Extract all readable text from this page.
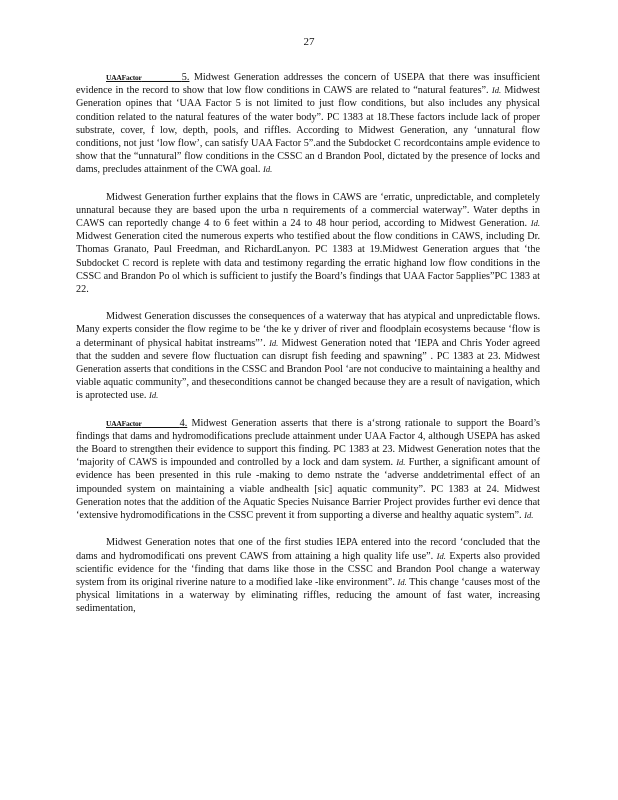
27

UAAFactor	5. Midwest Generation addresses the concern of USEPA that there was insufficient evidence in the record to show that low flow conditions in CAWS are related to “natural features”. Id. Midwest Generation opines that ‘UAA Factor 5 is not limited to just flow conditions, but also includes any physical condition related to the natural features of the water body”. PC 1383 at 18.These factors include lack of proper substrate, cover, f low, depth, pools, and riffles. According to Midwest Generation, any ‘unnatural flow conditions, not just ‘low flow’, can satisfy UAA Factor 5”.and the Subdocket C recordcontains ample evidence to show that the “unnatural” flow conditions in the CSSC an d Brandon Pool, dictated by the presence of locks and dams, precludes attainment of the CWA goal. Id.

Midwest Generation further explains that the flows in CAWS are ‘erratic, unpredictable, and completely unnatural because they are based upon the urba n requirements of a commercial waterway”. Water depths in CAWS can reportedly change 4 to 6 feet within a 24 to 48 hour period, according to Midwest Generation. Id. Midwest Generation cited the numerous experts who testified about the flow conditions in CAWS, including Dr. Thomas Granato, Paul Freedman, and RichardLanyon. PC 1383 at 19.Midwest Generation argues that ‘the Subdocket C record is replete with data and testimony regarding the erratic highand low flow conditions in the CSSC and Brandon Po ol which is sufficient to justify the Board’s findings that UAA Factor 5applies”PC 1383 at 22.

Midwest Generation discusses the consequences of a waterway that has atypical and unpredictable flows. Many experts consider the flow regime to be ‘the ke y driver of river and floodplain ecosystems because ‘flow is a determinant of physical habitat instreams”’. Id. Midwest Generation noted that ‘IEPA and Chris Yoder agreed that the sudden and severe flow fluctuation can disrupt fish feeding and spawning” . PC 1383 at 23. Midwest Generation asserts that conditions in the CSSC and Brandon Pool ‘are not conducive to maintaining a healthy and viable aquatic community”, and theseconditions cannot be changed because they are a result of navigation, which is aprotected use. Id.

UAAFactor	4. Midwest Generation asserts that there is a‘strong rationale to support the Board’s findings that dams and hydromodifications preclude attainment under UAA Factor 4, although USEPA has asked the Board to strengthen their evidence to support this finding. PC 1383 at 23. Midwest Generation notes that the ‘majority of CAWS is impounded and controlled by a lock and dam system. Id. Further, a significant amount of evidence has been presented in this rule -making to demo nstrate the ‘adverse anddetrimental effect of an impounded system on maintaining a viable andhealth [sic] aquatic community”. PC 1383 at 24. Midwest Generation notes that the addition of the Aquatic Species Nuisance Barrier Project provides further evi dence that ‘extensive hydromodifications in the CSSC prevent it from supporting a diverse and healthy aquatic system”. Id.

Midwest Generation notes that one of the first studies IEPA entered into the record ‘concluded that the dams and hydromodificati ons prevent CAWS from attaining a high quality life use”. Id. Experts also provided scientific evidence for the ‘finding that dams like those in the CSSC and Brandon Pool change a waterway system from its original riverine nature to a modified lake -like environment”. Id. This change ‘causes most of the physical limitations in a waterway by eliminating riffles, reducing the amount of fast water, increasing sedimentation,
